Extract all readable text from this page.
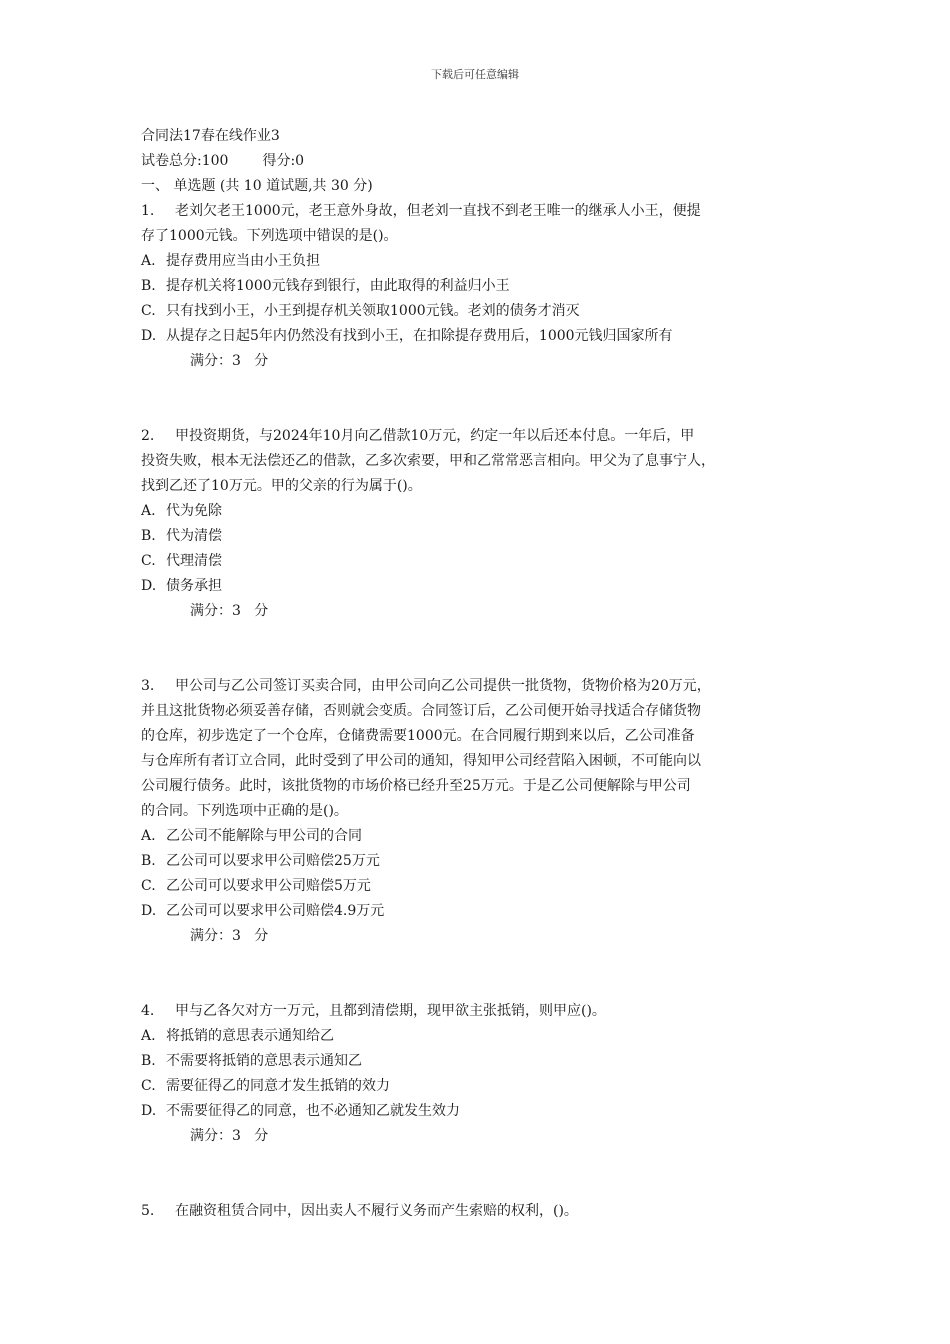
下载后可任意编辑
合同法17春在线作业3
试卷总分:100 得分:0
一、 单选题 (共 10 道试题,共 30 分)
1. 老刘欠老王1000元，老王意外身故，但老刘一直找不到老王唯一的继承人小王，便提
存了1000元钱。下列选项中错误的是()。
A. 提存费用应当由小王负担
B. 提存机关将1000元钱存到银行，由此取得的利益归小王
C. 只有找到小王，小王到提存机关领取1000元钱。老刘的债务才消灭
D. 从提存之日起5年内仍然没有找到小王，在扣除提存费用后，1000元钱归国家所有
满分：3   分
2. 甲投资期货，与2024年10月向乙借款10万元，约定一年以后还本付息。一年后，甲
投资失败，根本无法偿还乙的借款，乙多次索要，甲和乙常常恶言相向。甲父为了息事宁人，
找到乙还了10万元。甲的父亲的行为属于()。
A. 代为免除
B. 代为清偿
C. 代理清偿
D. 债务承担
满分：3   分
3. 甲公司与乙公司签订买卖合同，由甲公司向乙公司提供一批货物，货物价格为20万元，
并且这批货物必须妥善存储，否则就会变质。合同签订后，乙公司便开始寻找适合存储货物
的仓库，初步选定了一个仓库，仓储费需要1000元。在合同履行期到来以后，乙公司准备
与仓库所有者订立合同，此时受到了甲公司的通知，得知甲公司经营陷入困顿，不可能向以
公司履行债务。此时，该批货物的市场价格已经升至25万元。于是乙公司便解除与甲公司
的合同。下列选项中正确的是()。
A. 乙公司不能解除与甲公司的合同
B. 乙公司可以要求甲公司赔偿25万元
C. 乙公司可以要求甲公司赔偿5万元
D. 乙公司可以要求甲公司赔偿4.9万元
满分：3   分
4. 甲与乙各欠对方一万元，且都到清偿期，现甲欲主张抵销，则甲应()。
A. 将抵销的意思表示通知给乙
B. 不需要将抵销的意思表示通知乙
C. 需要征得乙的同意才发生抵销的效力
D. 不需要征得乙的同意，也不必通知乙就发生效力
满分：3   分
5. 在融资租赁合同中，因出卖人不履行义务而产生索赔的权利，()。
